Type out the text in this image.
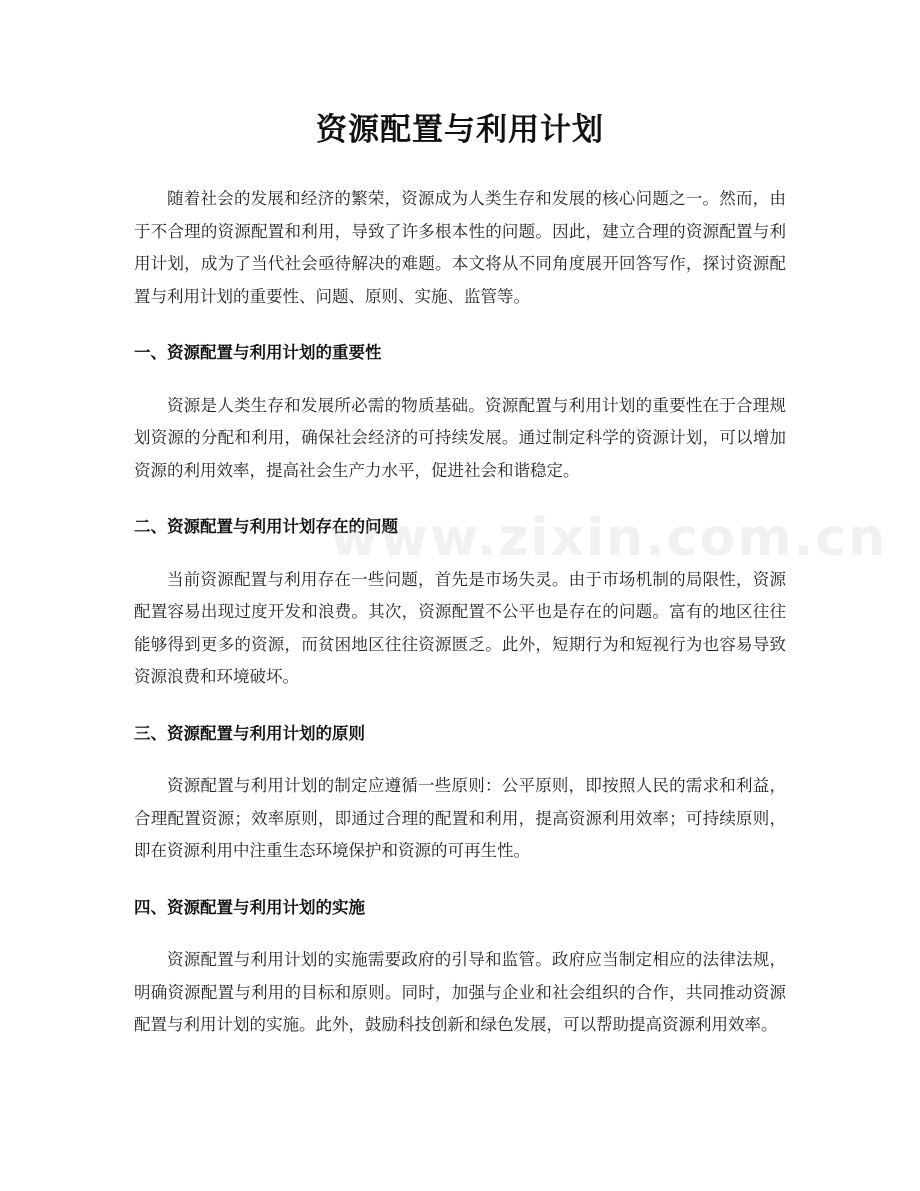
资源配置与利用计划

随着社会的发展和经济的繁荣，资源成为人类生存和发展的核心问题之一。然而，由于不合理的资源配置和利用，导致了许多根本性的问题。因此，建立合理的资源配置与利用计划，成为了当代社会亟待解决的难题。本文将从不同角度展开回答写作，探讨资源配置与利用计划的重要性、问题、原则、实施、监管等。

一、资源配置与利用计划的重要性

资源是人类生存和发展所必需的物质基础。资源配置与利用计划的重要性在于合理规划资源的分配和利用，确保社会经济的可持续发展。通过制定科学的资源计划，可以增加资源的利用效率，提高社会生产力水平，促进社会和谐稳定。

二、资源配置与利用计划存在的问题

当前资源配置与利用存在一些问题，首先是市场失灵。由于市场机制的局限性，资源配置容易出现过度开发和浪费。其次，资源配置不公平也是存在的问题。富有的地区往往能够得到更多的资源，而贫困地区往往资源匮乏。此外，短期行为和短视行为也容易导致资源浪费和环境破坏。

三、资源配置与利用计划的原则

资源配置与利用计划的制定应遵循一些原则：公平原则，即按照人民的需求和利益，合理配置资源；效率原则，即通过合理的配置和利用，提高资源利用效率；可持续原则，即在资源利用中注重生态环境保护和资源的可再生性。

四、资源配置与利用计划的实施

资源配置与利用计划的实施需要政府的引导和监管。政府应当制定相应的法律法规，明确资源配置与利用的目标和原则。同时，加强与企业和社会组织的合作，共同推动资源配置与利用计划的实施。此外，鼓励科技创新和绿色发展，可以帮助提高资源利用效率。

www.zixin.com.cn
